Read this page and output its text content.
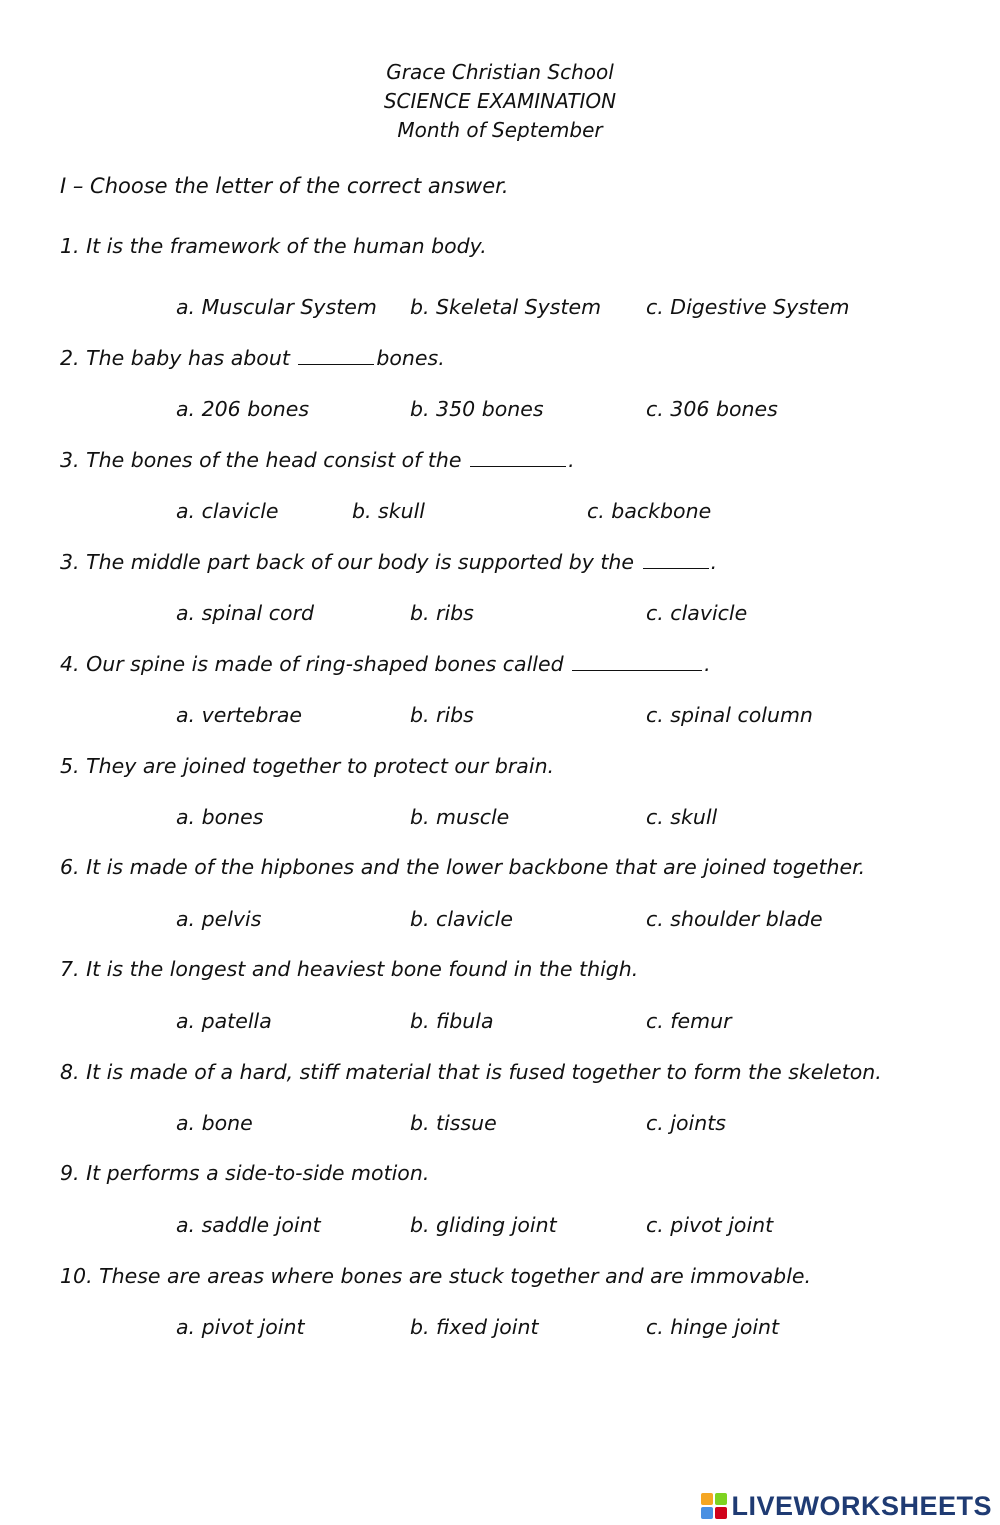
Grace Christian School
SCIENCE EXAMINATION
Month of September
I – Choose the letter of the correct answer.
1. It is the framework of the human body.
a. Muscular System b. Skeletal System c. Digestive System
2. The baby has about	bones.
a. 206 bones	b. 350 bones	c. 306 bones
3. The bones of the head consist of the	.
a. clavicle	b. skull	c. backbone
3. The middle part back of our body is supported by the	.
a. spinal cord	b. ribs	c. clavicle
4. Our spine is made of ring-shaped bones called	.
a. vertebrae	b. ribs	c. spinal column
5. They are joined together to protect our brain.
a. bones	b. muscle	c. skull
6. It is made of the hipbones and the lower backbone that are joined together.
a. pelvis	b. clavicle	c. shoulder blade
7. It is the longest and heaviest bone found in the thigh.
a. patella	b. fibula	c. femur
8. It is made of a hard, stiff material that is fused together to form the skeleton.
a. bone	b. tissue	c. joints
9. It performs a side-to-side motion.
a. saddle joint	b. gliding joint	c. pivot joint
10. These are areas where bones are stuck together and are immovable.
a. pivot joint	b. fixed joint	c. hinge joint
LIVEWORKSHEETS
